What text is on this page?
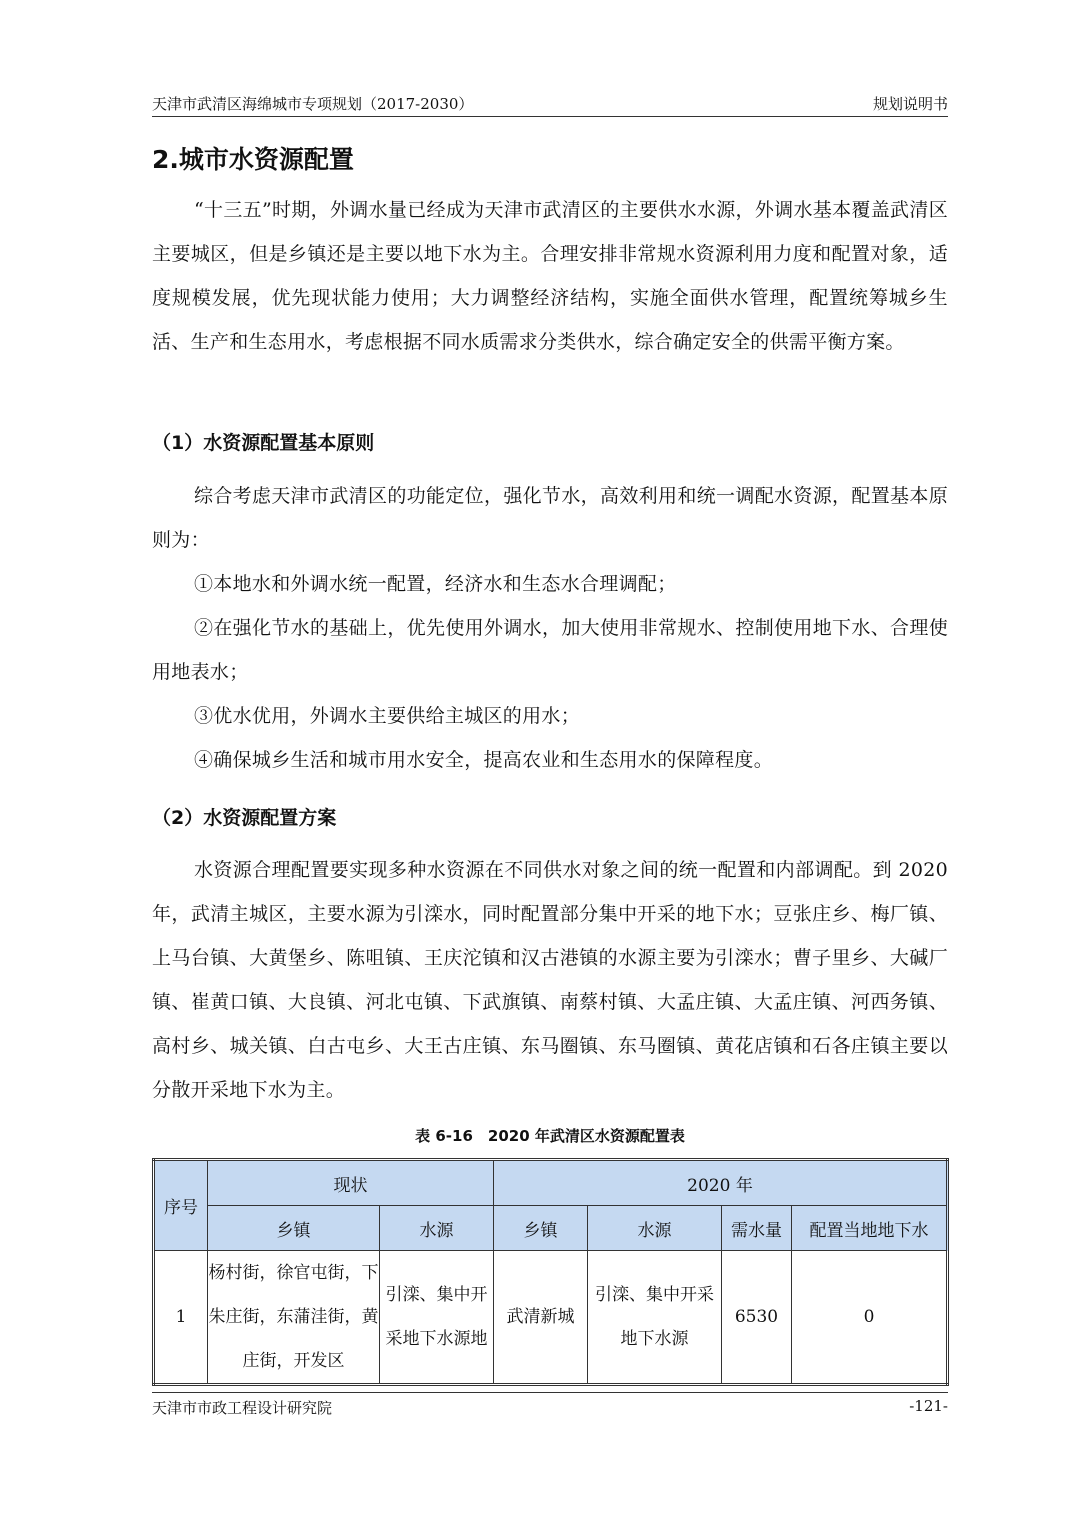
天津市武清区海绵城市专项规划（2017-2030）	规划说明书
2.城市水资源配置

“十三五”时期，外调水量已经成为天津市武清区的主要供水水源，外调水基本覆盖武清区主要城区，但是乡镇还是主要以地下水为主。合理安排非常规水资源利用力度和配置对象，适度规模发展，优先现状能力使用；大力调整经济结构，实施全面供水管理，配置统筹城乡生活、生产和生态用水，考虑根据不同水质需求分类供水，综合确定安全的供需平衡方案。

（1）水资源配置基本原则

综合考虑天津市武清区的功能定位，强化节水，高效利用和统一调配水资源，配置基本原则为：

①本地水和外调水统一配置，经济水和生态水合理调配；

②在强化节水的基础上，优先使用外调水，加大使用非常规水、控制使用地下水、合理使用地表水；

③优水优用，外调水主要供给主城区的用水；

④确保城乡生活和城市用水安全，提高农业和生态用水的保障程度。

（2）水资源配置方案

水资源合理配置要实现多种水资源在不同供水对象之间的统一配置和内部调配。到 2020 年，武清主城区，主要水源为引滦水，同时配置部分集中开采的地下水；豆张庄乡、梅厂镇、上马台镇、大黄堡乡、陈咀镇、王庆沱镇和汉古港镇的水源主要为引滦水；曹子里乡、大碱厂镇、崔黄口镇、大良镇、河北屯镇、下武旗镇、南蔡村镇、大孟庄镇、大孟庄镇、河西务镇、高村乡、城关镇、白古屯乡、大王古庄镇、东马圈镇、东马圈镇、黄花店镇和石各庄镇主要以分散开采地下水为主。

表 6-16　2020 年武清区水资源配置表
序号	现状		2020 年			
	乡镇	水源	乡镇	水源	需水量	配置当地地下水
1	杨村街，徐官屯街，下朱庄街，东蒲洼街，黄庄街，开发区	引滦、集中开采地下水源地	武清新城	引滦、集中开采地下水源	6530	0
天津市市政工程设计研究院	-121-
